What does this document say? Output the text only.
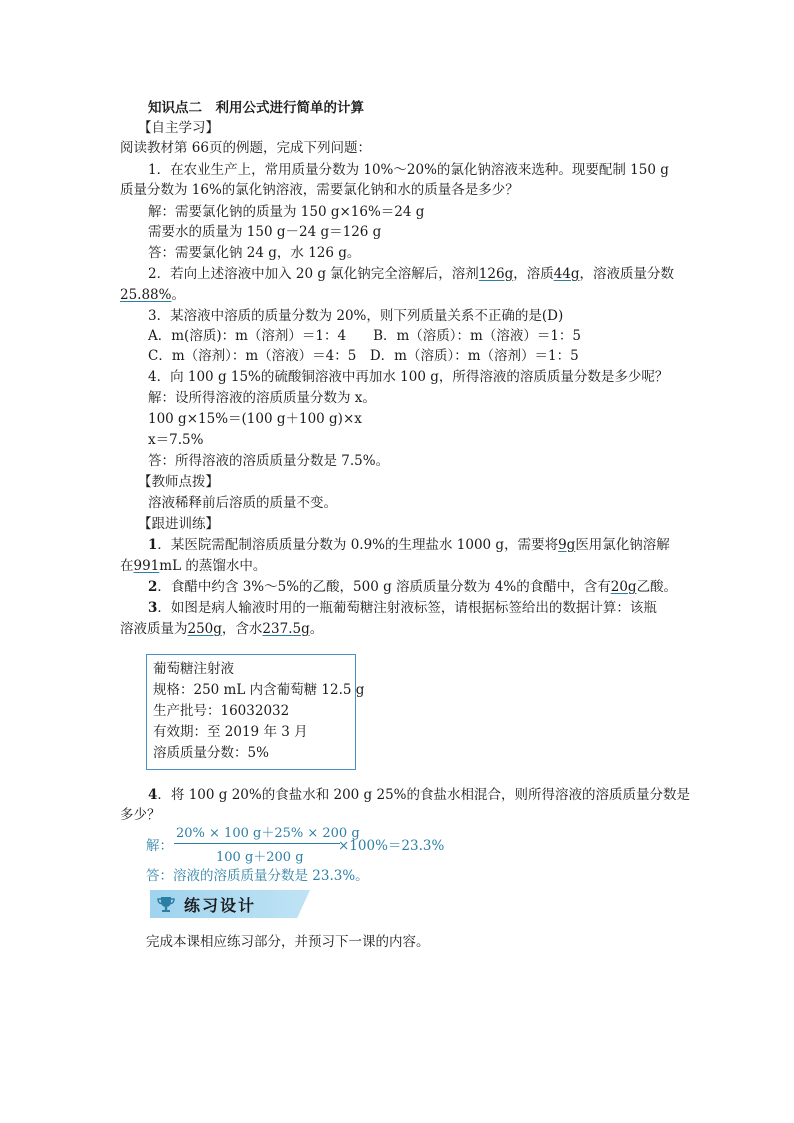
知识点二　利用公式进行简单的计算
【自主学习】
阅读教材第 66页的例题，完成下列问题：
1．在农业生产上，常用质量分数为 10%～20%的氯化钠溶液来选种。现要配制 150 g
质量分数为 16%的氯化钠溶液，需要氯化钠和水的质量各是多少？
解：需要氯化钠的质量为 150 g×16%＝24 g
需要水的质量为 150 g－24 g＝126 g
答：需要氯化钠 24 g，水 126 g。
2．若向上述溶液中加入 20 g 氯化钠完全溶解后，溶剂126g，溶质44g，溶液质量分数
25.88%。
3．某溶液中溶质的质量分数为 20%，则下列质量关系不正确的是(D)
A．m(溶质)：m（溶剂）＝1：4　　B．m（溶质）：m（溶液）＝1：5
C．m（溶剂）：m（溶液）＝4：5　D．m（溶质）：m（溶剂）＝1：5
4．向 100 g 15%的硫酸铜溶液中再加水 100 g，所得溶液的溶质质量分数是多少呢？
解：设所得溶液的溶质质量分数为 x。
100 g×15%＝(100 g＋100 g)×x
x＝7.5%
答：所得溶液的溶质质量分数是 7.5%。
【教师点拨】
溶液稀释前后溶质的质量不变。
【跟进训练】
1．某医院需配制溶质质量分数为 0.9%的生理盐水 1000 g，需要将9g医用氯化钠溶解
在991mL 的蒸馏水中。
2．食醋中约含 3%～5%的乙酸，500 g 溶质质量分数为 4%的食醋中，含有20g乙酸。
3．如图是病人输液时用的一瓶葡萄糖注射液标签，请根据标签给出的数据计算：该瓶
溶液质量为250g，含水237.5g。
葡萄糖注射液
规格：250 mL 内含葡萄糖 12.5 g
生产批号：16032032
有效期：至 2019 年 3 月
溶质质量分数：5%
4．将 100 g 20%的食盐水和 200 g 25%的食盐水相混合，则所得溶液的溶质质量分数是
多少？
解：
20% × 100 g＋25% × 200 g
100 g＋200 g
×100%＝23.3%
答：溶液的溶质质量分数是 23.3%。
练习设计
完成本课相应练习部分，并预习下一课的内容。
